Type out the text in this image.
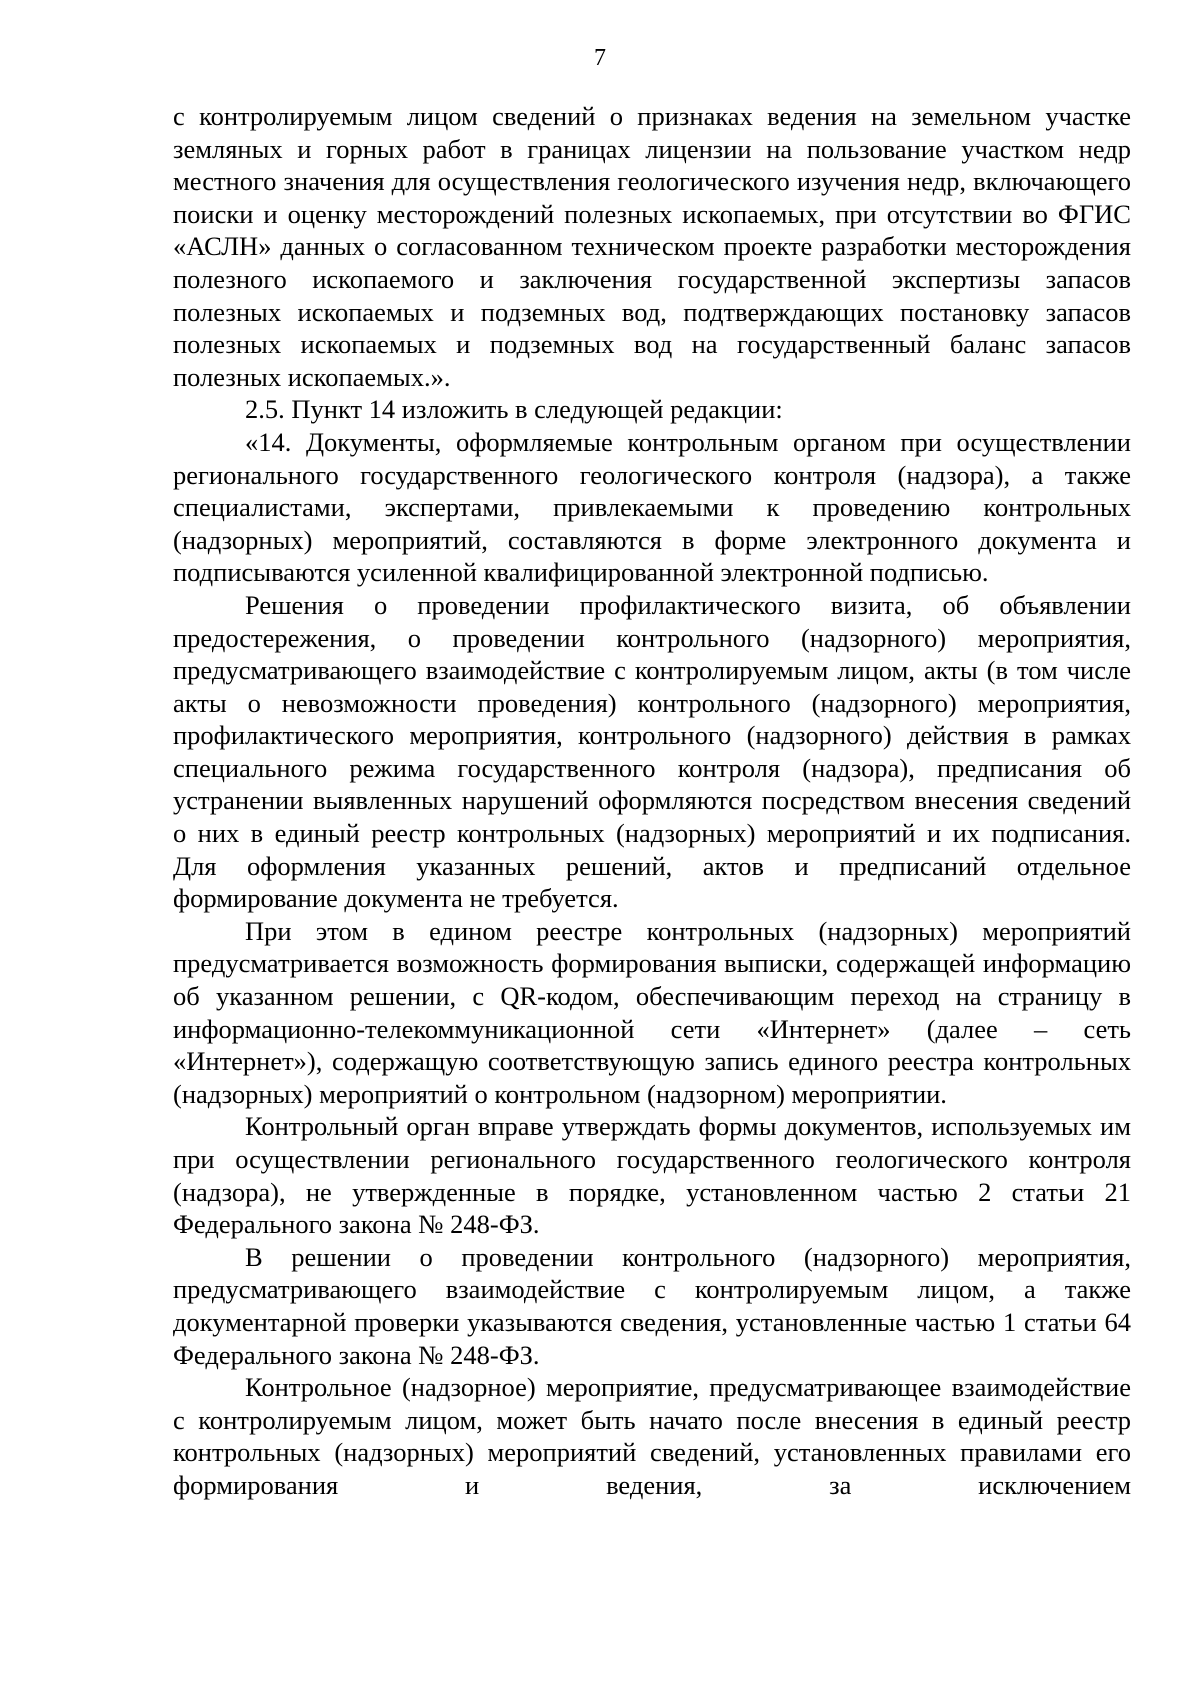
7

с контролируемым лицом сведений о признаках ведения на земельном участке земляных и горных работ в границах лицензии на пользование участком недр местного значения для осуществления геологического изучения недр, включающего поиски и оценку месторождений полезных ископаемых, при отсутствии во ФГИС «АСЛН» данных о согласованном техническом проекте разработки месторождения полезного ископаемого и заключения государственной экспертизы запасов полезных ископаемых и подземных вод, подтверждающих постановку запасов полезных ископаемых и подземных вод на государственный баланс запасов полезных ископаемых.».

2.5. Пункт 14 изложить в следующей редакции:

«14. Документы, оформляемые контрольным органом при осуществлении регионального государственного геологического контроля (надзора), а также специалистами, экспертами, привлекаемыми к проведению контрольных (надзорных) мероприятий, составляются в форме электронного документа и подписываются усиленной квалифицированной электронной подписью.

Решения о проведении профилактического визита, об объявлении предостережения, о проведении контрольного (надзорного) мероприятия, предусматривающего взаимодействие с контролируемым лицом, акты (в том числе акты о невозможности проведения) контрольного (надзорного) мероприятия, профилактического мероприятия, контрольного (надзорного) действия в рамках специального режима государственного контроля (надзора), предписания об устранении выявленных нарушений оформляются посредством внесения сведений о них в единый реестр контрольных (надзорных) мероприятий и их подписания. Для оформления указанных решений, актов и предписаний отдельное формирование документа не требуется.

При этом в едином реестре контрольных (надзорных) мероприятий предусматривается возможность формирования выписки, содержащей информацию об указанном решении, с QR-кодом, обеспечивающим переход на страницу в информационно-телекоммуникационной сети «Интернет» (далее – сеть «Интернет»), содержащую соответствующую запись единого реестра контрольных (надзорных) мероприятий о контрольном (надзорном) мероприятии.

Контрольный орган вправе утверждать формы документов, используемых им при осуществлении регионального государственного геологического контроля (надзора), не утвержденные в порядке, установленном частью 2 статьи 21 Федерального закона № 248-ФЗ.

В решении о проведении контрольного (надзорного) мероприятия, предусматривающего взаимодействие с контролируемым лицом, а также документарной проверки указываются сведения, установленные частью 1 статьи 64 Федерального закона № 248-ФЗ.

Контрольное (надзорное) мероприятие, предусматривающее взаимодействие с контролируемым лицом, может быть начато после внесения в единый реестр контрольных (надзорных) мероприятий сведений, установленных правилами его формирования и ведения, за исключением
